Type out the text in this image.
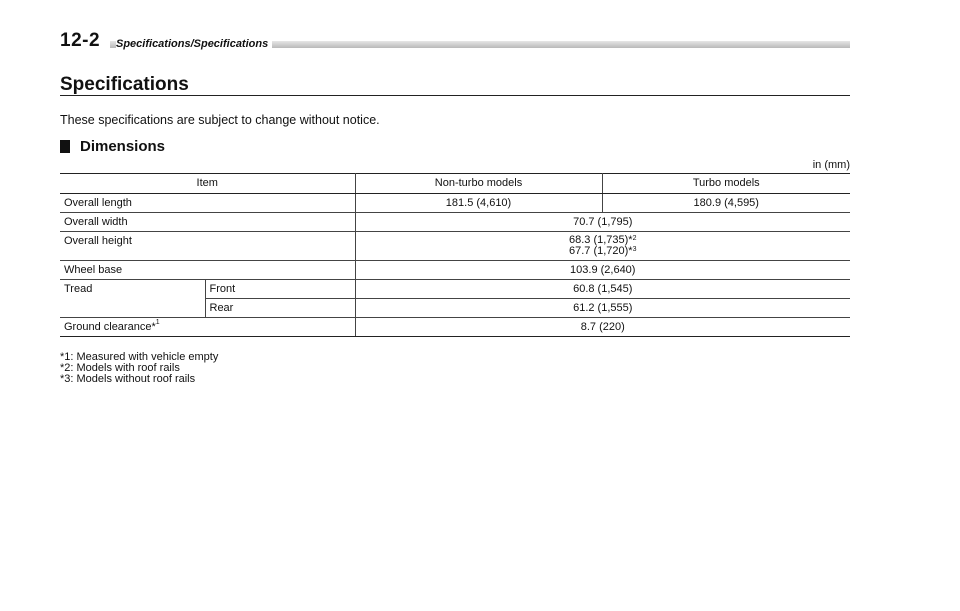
12-2 Specifications/Specifications
Specifications
These specifications are subject to change without notice.
Dimensions
in (mm)
Item		Non-turbo models	Turbo models
Overall length		181.5 (4,610)	180.9 (4,595)
Overall width		70.7 (1,795)	
Overall height		68.3 (1,735)*$^2$
67.7 (1,720)*$^3$
Wheel base		103.9 (2,640)	
Tread	Front	60.8 (1,545)	
	Rear	61.2 (1,555)	
Ground clearance*$^1$		8.7 (220)	
*1: Measured with vehicle empty
*2: Models with roof rails
*3: Models without roof rails
